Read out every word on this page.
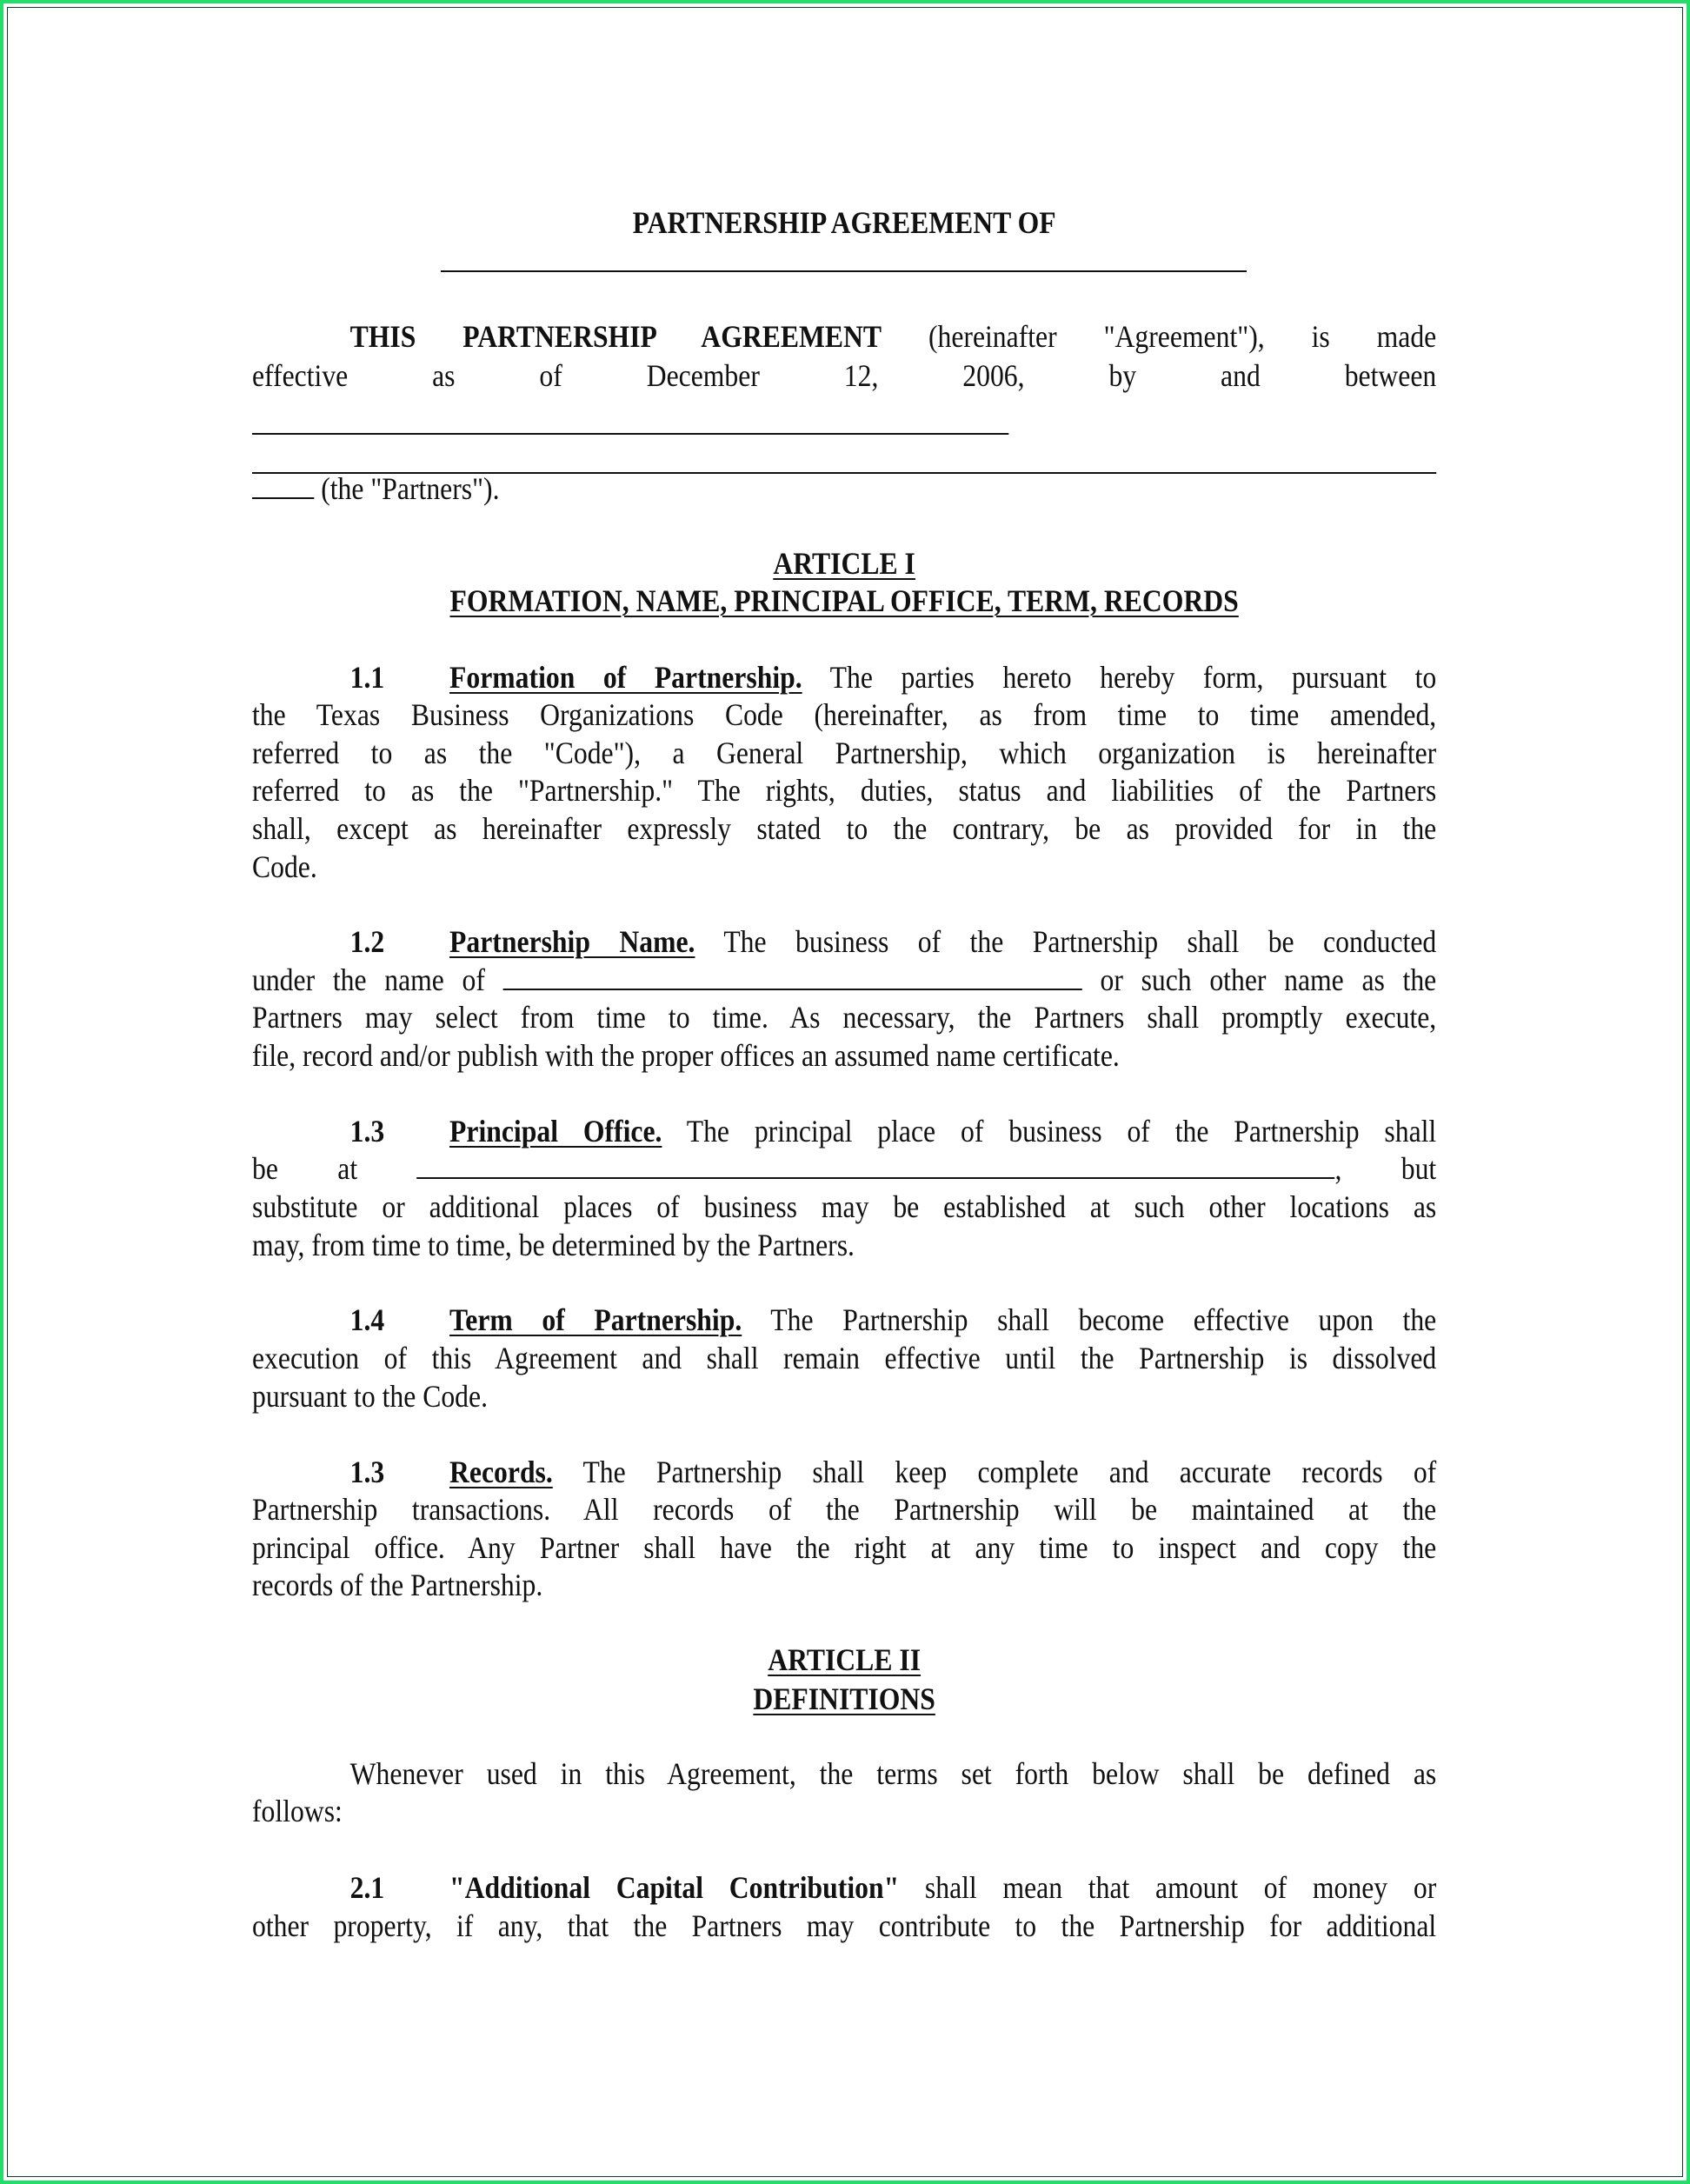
PARTNERSHIP AGREEMENT OF
THIS PARTNERSHIP AGREEMENT (hereinafter "Agreement"), is made
effective as of December 12, 2006, by and between
(the "Partners").
ARTICLE I
FORMATION, NAME, PRINCIPAL OFFICE, TERM, RECORDS
1.1 Formation of Partnership. The parties hereto hereby form, pursuant to
the Texas Business Organizations Code (hereinafter, as from time to time amended,
referred to as the "Code"), a General Partnership, which organization is hereinafter
referred to as the "Partnership." The rights, duties, status and liabilities of the Partners
shall, except as hereinafter expressly stated to the contrary, be as provided for in the
Code.
1.2 Partnership Name. The business of the Partnership shall be conducted
under the name of	or such other name as the
Partners may select from time to time. As necessary, the Partners shall promptly execute,
file, record and/or publish with the proper offices an assumed name certificate.
1.3 Principal Office. The principal place of business of the Partnership shall
be at	, but
substitute or additional places of business may be established at such other locations as
may, from time to time, be determined by the Partners.
1.4 Term of Partnership. The Partnership shall become effective upon the
execution of this Agreement and shall remain effective until the Partnership is dissolved
pursuant to the Code.
1.3 Records. The Partnership shall keep complete and accurate records of
Partnership transactions. All records of the Partnership will be maintained at the
principal office. Any Partner shall have the right at any time to inspect and copy the
records of the Partnership.
ARTICLE II
DEFINITIONS
Whenever used in this Agreement, the terms set forth below shall be defined as
follows:
2.1 "Additional Capital Contribution" shall mean that amount of money or
other property, if any, that the Partners may contribute to the Partnership for additional
